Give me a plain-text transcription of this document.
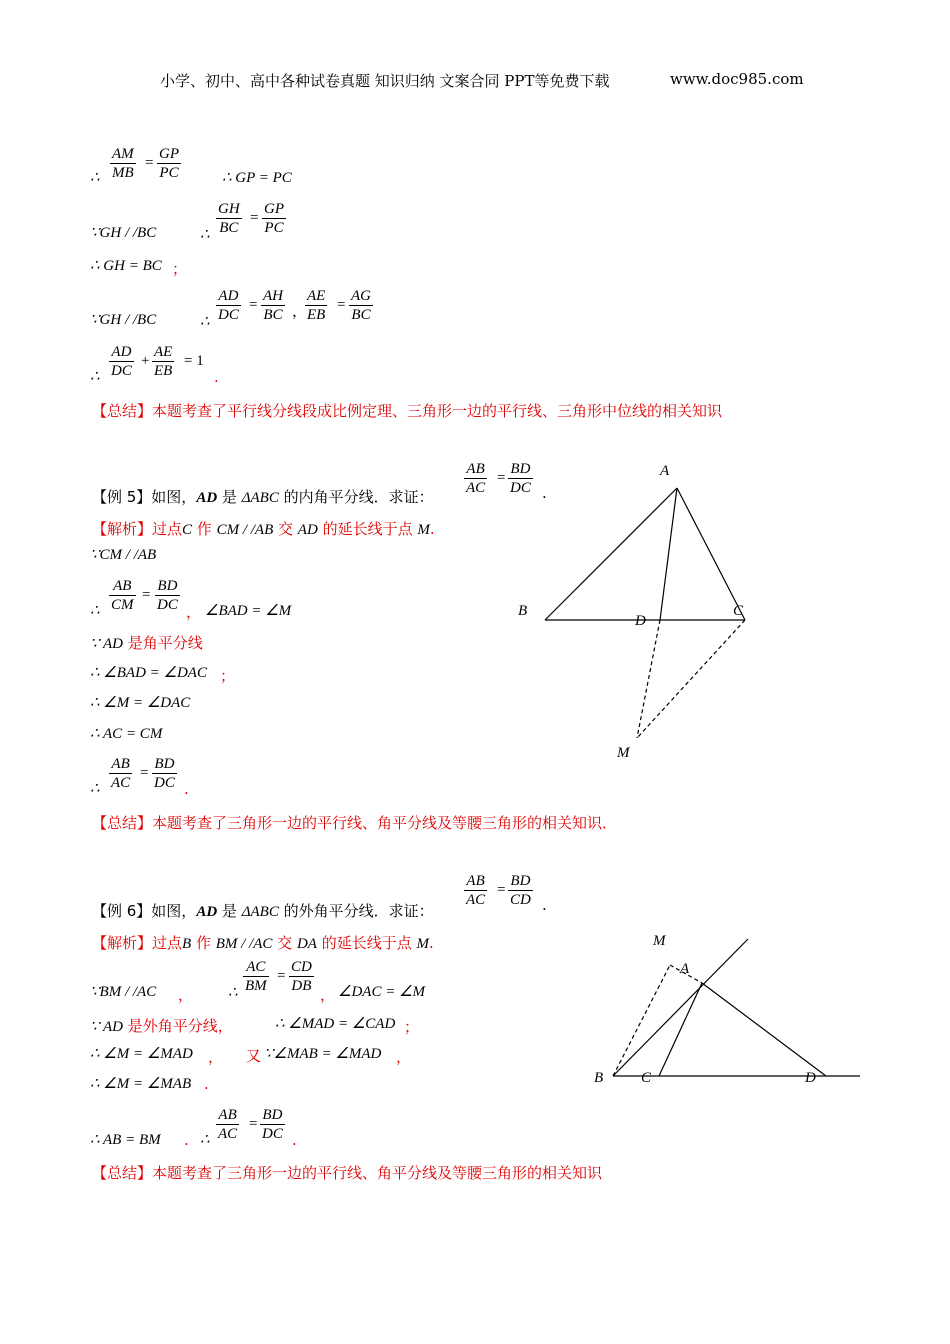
小学、初中、高中各种试卷真题 知识归纳 文案合同 PPT等免费下载	www.doc985.com
∴ $\frac{AM}{MB} = \frac{GP}{PC}$	∴ GP = PC
∵GH / /BC	∴ $\frac{GH}{BC} = \frac{GP}{PC}$
∴ GH = BC ；
∵GH / /BC	∴ $\frac{AD}{DC} = \frac{AH}{BC}$ ，
$\frac{AE}{EB} = \frac{AG}{BC}$
∴ $\frac{AD}{DC} + \frac{AE}{EB} = 1$
.
【总结】本题考查了平行线分线段成比例定理、三角形一边的平行线、三角形中位线的相关知识
【例 5】如图，AD 是 ΔABC 的内角平分线．求证： $\frac{AB}{AC} = \frac{BD}{DC}$ .
【解析】过点C 作 CM / /AB 交 AD 的延长线于点 M.
∵CM / /AB
∴ $\frac{AB}{CM} = \frac{BD}{DC}$ ， ∠BAD = ∠M
∵ AD 是角平分线
∴ ∠BAD = ∠DAC ；
∴ ∠M = ∠DAC
∴ AC = CM
∴ $\frac{AB}{AC} = \frac{BD}{DC}$ .
【总结】本题考查了三角形一边的平行线、角平分线及等腰三角形的相关知识．
A
B	C
D
M
【例 6】如图，AD 是 ΔABC 的外角平分线．求证：
$\frac{AB}{AC} = \frac{BD}{CD}$ .
【解析】过点B 作 BM / /AC 交 DA 的延长线于点 M.
∵BM / /AC ， ∴ $\frac{AC}{BM} = \frac{CD}{DB}$ ， ∠DAC = ∠M
∵ AD 是外角平分线，	∴ ∠MAD = ∠CAD ；
∴ ∠M = ∠MAD ， 又 ∵∠MAB = ∠MAD ，
∴ ∠M = ∠MAB .
∴ AB = BM . ∴ $\frac{AB}{AC} = \frac{BD}{DC}$ .
【总结】本题考查了三角形一边的平行线、角平分线及等腰三角形的相关知识
M
A
B	C	D
